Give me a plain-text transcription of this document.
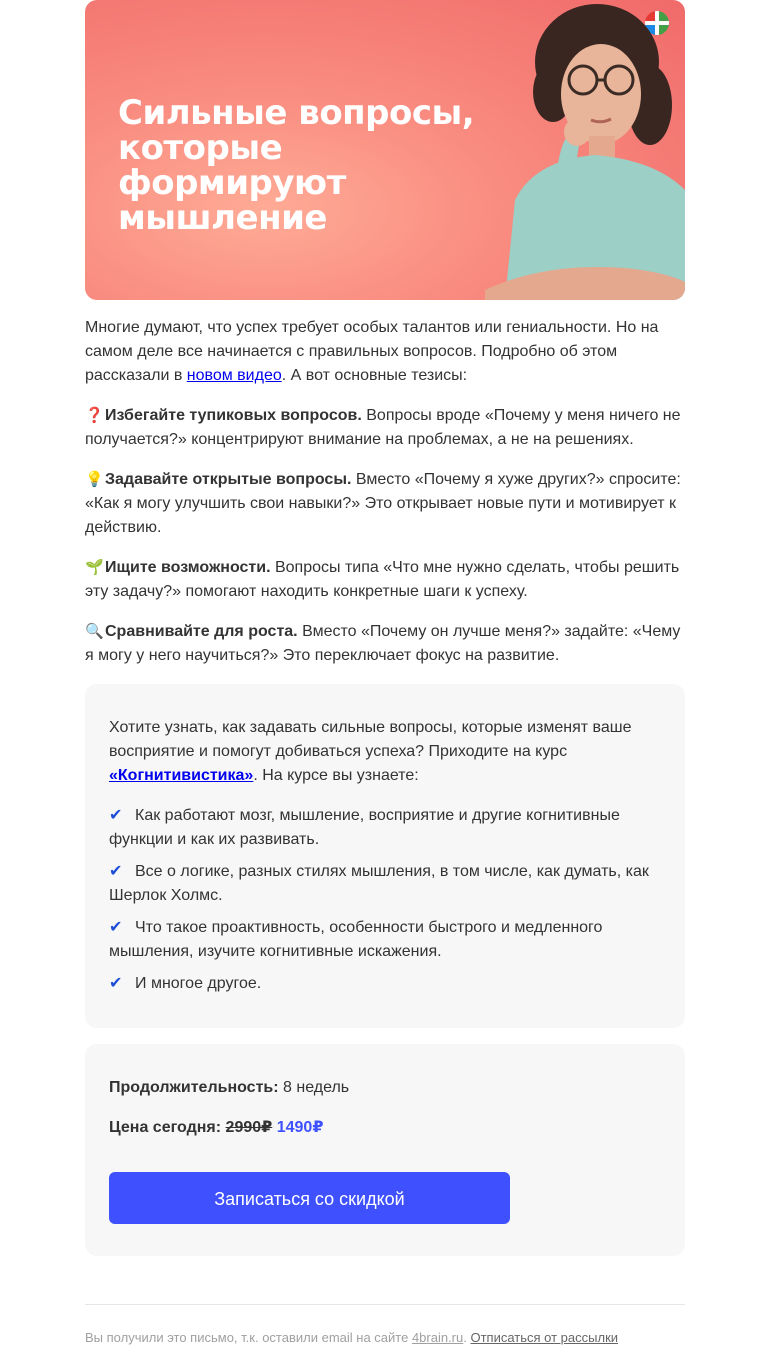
Сильные вопросы,
которые формируют
мышление

Многие думают, что успех требует особых талантов или гениальности. Но на самом деле все начинается с правильных вопросов. Подробно об этом рассказали в новом видео. А вот основные тезисы:

❓Избегайте тупиковых вопросов. Вопросы вроде «Почему у меня ничего не получается?» концентрируют внимание на проблемах, а не на решениях.

💡Задавайте открытые вопросы. Вместо «Почему я хуже других?» спросите: «Как я могу улучшить свои навыки?» Это открывает новые пути и мотивирует к действию.

🌱Ищите возможности. Вопросы типа «Что мне нужно сделать, чтобы решить эту задачу?» помогают находить конкретные шаги к успеху.

🔍Сравнивайте для роста. Вместо «Почему он лучше меня?» задайте: «Чему я могу у него научиться?» Это переключает фокус на развитие.

Хотите узнать, как задавать сильные вопросы, которые изменят ваше восприятие и помогут добиваться успеха? Приходите на курс «Когнитивистика». На курсе вы узнаете:

✔ Как работают мозг, мышление, восприятие и другие когнитивные функции и как их развивать.
✔ Все о логике, разных стилях мышления, в том числе, как думать, как Шерлок Холмс.
✔ Что такое проактивность, особенности быстрого и медленного мышления, изучите когнитивные искажения.
✔ И многое другое.

Продолжительность: 8 недель

Цена сегодня: 2990₽ 1490₽

Записаться со скидкой

Вы получили это письмо, т.к. оставили email на сайте 4brain.ru. Отписаться от рассылки
